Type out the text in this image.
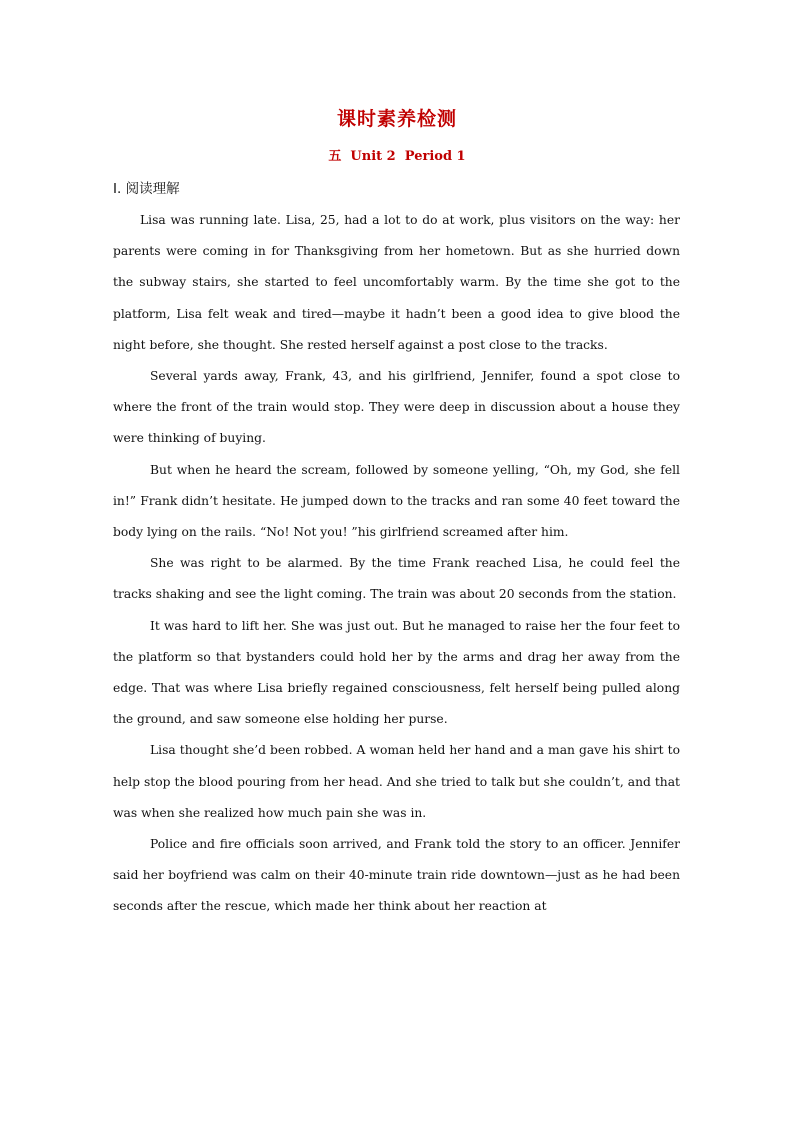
课时素养检测
五  Unit 2  Period 1
Ⅰ. 阅读理解

Lisa was running late. Lisa, 25, had a lot to do at work, plus visitors on the way: her parents were coming in for Thanksgiving from her hometown. But as she hurried down the subway stairs, she started to feel uncomfortably warm. By the time she got to the platform, Lisa felt weak and tired—maybe it hadn’t been a good idea to give blood the night before, she thought. She rested herself against a post close to the tracks.

Several yards away, Frank, 43, and his girlfriend, Jennifer, found a spot close to where the front of the train would stop. They were deep in discussion about a house they were thinking of buying.

But when he heard the scream, followed by someone yelling, “Oh, my God, she fell in!” Frank didn’t hesitate. He jumped down to the tracks and ran some 40 feet toward the body lying on the rails. “No! Not you! ”his girlfriend screamed after him.

She was right to be alarmed. By the time Frank reached Lisa, he could feel the tracks shaking and see the light coming. The train was about 20 seconds from the station.

It was hard to lift her. She was just out. But he managed to raise her the four feet to the platform so that bystanders could hold her by the arms and drag her away from the edge. That was where Lisa briefly regained consciousness, felt herself being pulled along the ground, and saw someone else holding her purse.

Lisa thought she’d been robbed. A woman held her hand and a man gave his shirt to help stop the blood pouring from her head. And she tried to talk but she couldn’t, and that was when she realized how much pain she was in.

Police and fire officials soon arrived, and Frank told the story to an officer. Jennifer said her boyfriend was calm on their 40-minute train ride downtown—just as he had been seconds after the rescue, which made her think about her reaction at
